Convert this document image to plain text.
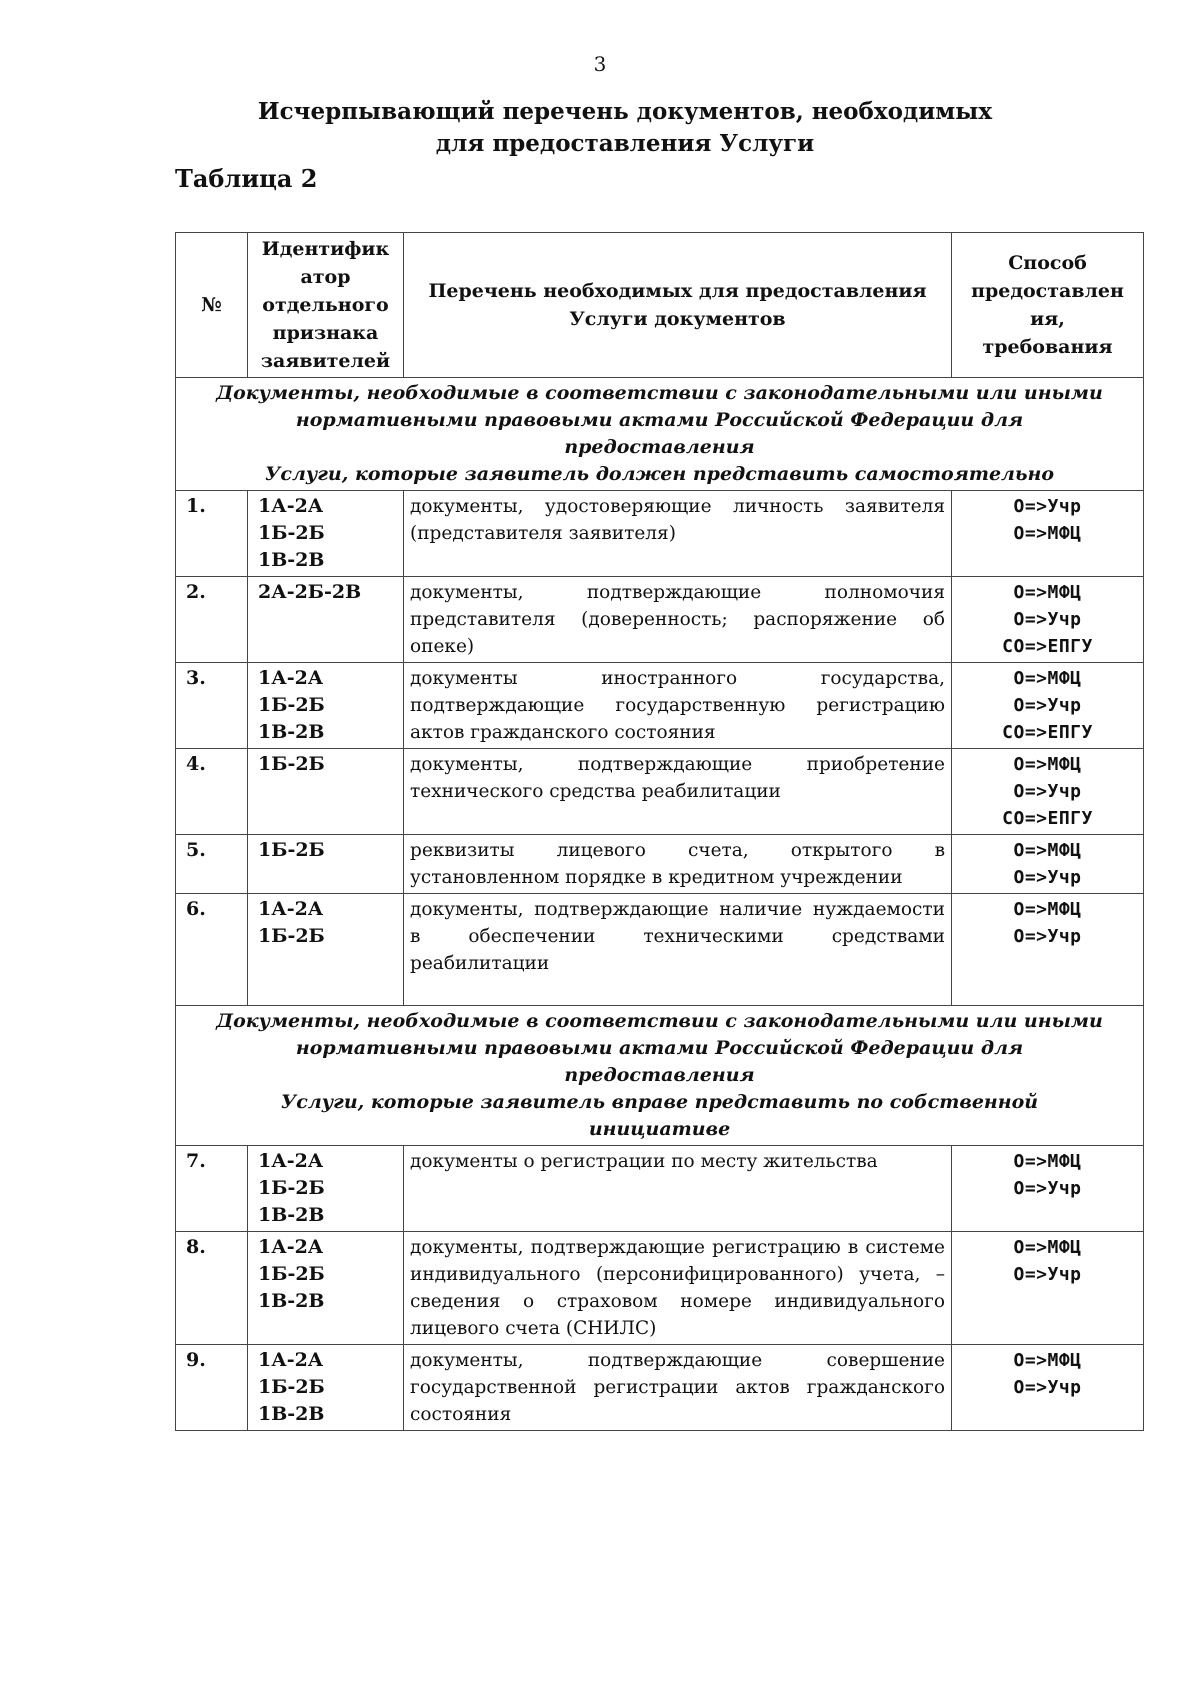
3
Исчерпывающий перечень документов, необходимых
для предоставления Услуги
Таблица 2
№	Идентифик
атор
отдельного
признака
заявителей	Перечень необходимых для предоставления
Услуги документов	Способ
предоставлен
ия,
требования

Документы, необходимые в соответствии с законодательными или иными
нормативными правовыми актами Российской Федерации для предоставления
Услуги, которые заявитель должен представить самостоятельно			

1.	1А-2А
1Б-2Б
1В-2В	документы, удостоверяющие личность заявителя (представителя заявителя)	О=>Учр
О=>МФЦ

2.	2А-2Б-2В	документы, подтверждающие полномочия представителя (доверенность; распоряжение об опеке)	О=>МФЦ
О=>Учр
СО=>ЕПГУ

3.	1А-2А
1Б-2Б
1В-2В	документы иностранного государства, подтверждающие государственную регистрацию актов гражданского состояния	О=>МФЦ
О=>Учр
СО=>ЕПГУ

4.	1Б-2Б	документы, подтверждающие приобретение технического средства реабилитации	О=>МФЦ
О=>Учр
СО=>ЕПГУ

5.	1Б-2Б	реквизиты лицевого счета, открытого в установленном порядке в кредитном учреждении	О=>МФЦ
О=>Учр

6.	1А-2А
1Б-2Б	документы, подтверждающие наличие нуждаемости в обеспечении техническими средствами реабилитации	О=>МФЦ
О=>Учр

Документы, необходимые в соответствии с законодательными или иными
нормативными правовыми актами Российской Федерации для предоставления
Услуги, которые заявитель вправе представить по собственной инициативе			

7.	1А-2А
1Б-2Б
1В-2В	документы о регистрации по месту жительства	О=>МФЦ
О=>Учр

8.	1А-2А
1Б-2Б
1В-2В	документы, подтверждающие регистрацию в системе индивидуального (персонифицированного) учета, – сведения о страховом номере индивидуального лицевого счета (СНИЛС)	О=>МФЦ
О=>Учр

9.	1А-2А
1Б-2Б
1В-2В	документы, подтверждающие совершение государственной регистрации актов гражданского состояния	О=>МФЦ
О=>Учр
